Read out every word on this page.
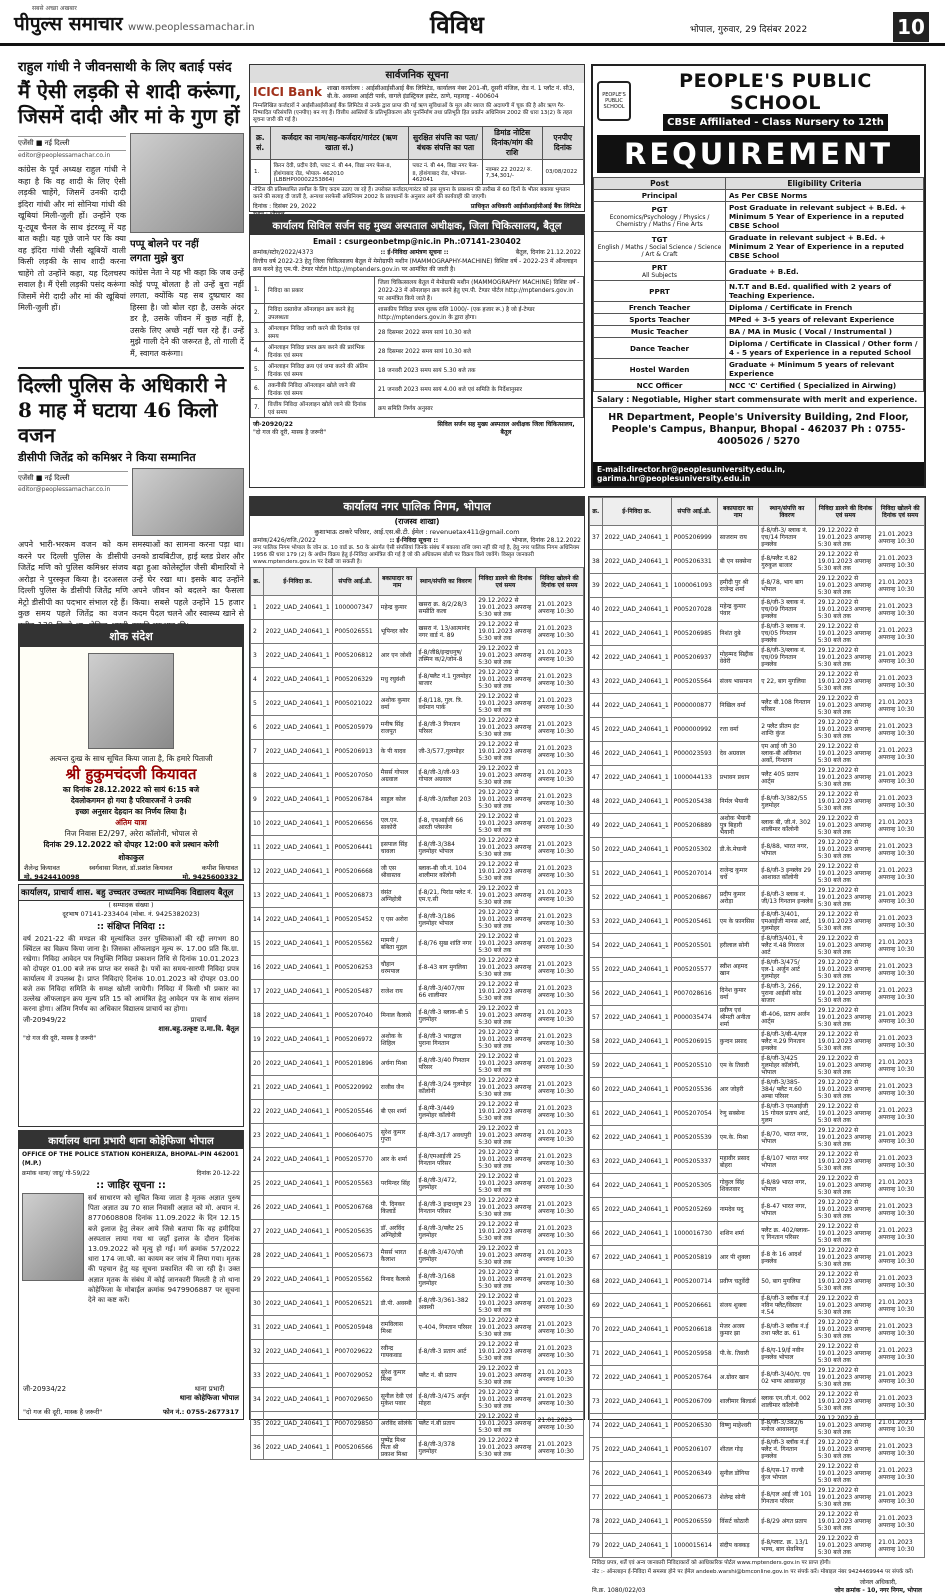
सबसे अच्छा अखबार
पीपुल्स समाचार www.peoplessamachar.in	विविध	भोपाल, गुरुवार, 29 दिसंबर 2022	10
राहुल गांधी ने जीवनसाथी के लिए बताई पसंद
मैं ऐसी लड़की से शादी करूंगा, जिसमें दादी और मां के गुण हों
एजेंसी ■ नई दिल्ली
editor@peoplessamachar.co.in
कांग्रेस के पूर्व अध्यक्ष राहुल गांधी ने कहा है कि वह शादी के लिए ऐसी लड़की चाहेंगे, जिसमें उनकी दादी इंदिरा गांधी और मां सोनिया गांधी की खूबियां मिली-जुली हों। उन्होंने एक यू-ट्यूब चैनल के साथ इंटरव्यू में यह बात कही। यह पूछे जाने पर कि क्या वह इंदिरा गांधी जैसी खूबियों वाली किसी लड़की के साथ शादी करना चाहेंगे तो उन्होंने कहा, यह दिलचस्प सवाल है। मैं ऐसी लड़की पसंद करूंगा जिसमें मेरी दादी और मां की खूबियां मिली-जुली हों।
पप्पू बोलने पर नहीं
लगता मुझे बुरा
कांग्रेस नेता ने यह भी कहा कि जब उन्हें कोई पप्पू बोलता है तो उन्हें बुरा नहीं लगता, क्योंकि यह सब दुष्प्रचार का हिस्सा है। जो बोल रहा है, उसके अंदर डर है, उसके जीवन में कुछ नहीं है, उसके लिए अच्छे नहीं चल रहे हैं। उन्हें मुझे गाली देने की जरूरत है, तो गाली दें मैं, स्वागत करूंगा।
दिल्ली पुलिस के अधिकारी ने 8 माह में घटाया 46 किलो वजन
डीसीपी जितेंद्र को कमिश्नर ने किया सम्मानित
एजेंसी ■ नई दिल्ली
editor@peoplessamachar.co.in
अपने भारी-भरकम वजन को कम करने पर दिल्ली पुलिस के डीसीपी जितेंद्र मणि को पुलिस कमिश्नर संजय अरोड़ा ने पुरस्कृत किया है। दरअसल दिल्ली पुलिस के डीसीपी जितेंद्र मणि मेट्रो डीसीपी का पदभार संभाल रहे हैं। कुछ समय पहले जितेंद्र का वजन
समस्याओं का सामना करना पड़ा था। उनको डायबिटीज, हाई ब्लड प्रेशर और बढ़ा हुआ कोलेस्ट्रॉल जैसी बीमारियों ने उन्हें घेर रखा था। इसके बाद उन्होंने अपने जीवन को बदलने का फैसला किया। सबसे पहले उन्होंने 15 हजार कदम पैदल चलने और स्वास्थ्य खाने से
शोक संदेश
अत्यन्त दुःख के साथ सूचित किया जाता है, कि हमारे पिताजी
श्री हुकुमचंदजी कियावत
का दिनांक 28.12.2022 को सायं 6:15 बजे
देवलोकगमन हो गया है परिवारजनों ने उनकी
इच्छा अनुसार देहदान का निर्णय लिया है।
अंतिम यात्रा
निज निवास E2/297, अरेरा कॉलोनी, भोपाल से
दिनांक 29.12.2022 को दोपहर 12:00 बजे प्रस्थान करेगी
शोकाकुल
शैलेन्द्र कियावत	स्वर्गवासा मितल, डॉ.प्रशांत कियावत	कपीश कियावत
मो. 9424410098	मो. 9425600332
कार्यालय, प्राचार्य शास. बहु उच्चतर उच्चतर माध्यमिक विद्यालय बैतूल
( सम्पादक संख्या )
दूरभाष 07141-233404 (मोबा. नं. 9425382023)
:: संक्षिप्त निविदा ::
वर्ष 2021-22 की मण्डल की मूल्यांकित उत्तर पुस्तिकाओं की रद्दी लगभग 80 क्विंटल का विक्रय किया जाना है। जिसका ऑफलाइन मूल्य रू. 17.00 प्रति कि.ग्रा. रखेगा। निविदा आवेदन पत्र नियुक्ति निविदा प्रकाशन तिथि से दिनांक 10.01.2023 को दोपहर 01.00 बजे तक प्राप्त कर सकते है। पत्रों का समय-सारणी निविदा प्रपत्र कार्यालय में उपलब्ध है। प्राप्त निविदाएं दिनांक 10.01.2023 को दोपहर 03.00 बजे तक निविदा समिति के समक्ष खोली जायेगी। निविदा में किसी भी प्रकार का उल्लेख ऑफलाइन क्रय मूल्य प्रति 15 को आमंत्रित हेतु आवेदन पत्र के साथ संलग्न करना होगा। अंतिम निर्णय का अधिकार विद्यालय प्राचार्य का होगा।
जी-20949/22	प्राचार्य
शास.बहु.उत्कृष्ट उ.मा.वि. बैतूल
"दो गज की दूरी, मास्क है जरूरी"
कार्यालय थाना प्रभारी थाना कोहेफिजा भोपाल
OFFICE OF THE POLICE STATION KOHERIZA, BHOPAL-PIN 462001 (M.P.)
क्रमांक थाना/ जादू/ गो-59/22	दिनांक 20-12-22
:: जाहिर सूचना ::
सर्व साधारण को सूचित किया जाता है मृतक अज्ञात पुरुष पिता अज्ञात उम्र 70 साल निवासी अज्ञात को मो. अयान नं. 8770608808 दिनांक 11.09.2022 के दिन 12.15 बजे इलाज हेतु लेकर आये जिसे बताया कि वह हमीदिया अस्पताल लाया गया था जहाँ इलाज के दौरान दिनांक 13.09.2022 को मृत्यु हो गई। मर्ग क्रमांक 57/2022 धारा 174 जा.फौ. का कायम कर जांच में लिया गया। मृतक की पहचान हेतु यह सूचना प्रकाशित की जा रही है। उक्त अज्ञात मृतक के संबंध में कोई जानकारी मिलती है तो थाना कोहेफिजा के मोबाईल क्रमांक 9479906887 पर सूचना देने का कष्ट करें।
जी-20934/22	थाना प्रभारी
थाना कोहेफिजा भोपाल
"दो गज की दूरी, मास्क है जरूरी"	फोन नं.: 0755-2677317
सार्वजनिक सूचना
ICICI Bank शाखा कार्यालय : आईसीआईसीआई बैंक लिमिटेड, कार्यालय नंबर 201-बी, दूसरी मंजिल, रोड नं. 1 प्लॉट नं. सी3, बी.के. अवस्था आईटी पार्क, वागले इंडस्ट्रियल इस्टेट, ठाणे, महाराष्ट्र - 400604
निम्नलिखित कर्जदारों ने आईसीआईसीआई बैंक लिमिटेड से उनके द्वारा प्राप्त की गई ऋण सुविधाओं के मूल और ब्याज की अदायगी में चूक की है और ऋण गैर-निष्पादित परिसंपत्ति (एनपीए) बन गए हैं। वित्तीय आस्तियों के प्रतिभूतिकरण और पुनर्निर्माण तथा प्रतिभूति हित प्रवर्तन अधिनियम 2002 की धारा 13(2) के तहत सूचना जारी की गई है।
क्र. सं.	कर्जदार का नाम/सह-कर्जदार/गारंटर (ऋण खाता सं.)	सुरक्षित संपत्ति का पता/बंधक संपत्ति का पता	डिमांड नोटिस दिनांक/मांग की राशि	एनपीए दिनांक
1.	किरन देवी, प्रदीप देवी, प्लाट नं. बी 44, विद्या नगर फेस-II, होशंगाबाद रोड, भोपाल- 462010 (LBBHP00002253864)	प्लाट नं. बी 44, विद्या नगर फेस-II, होशंगाबाद रोड, भोपाल- 462041	नवम्बर 22 2022/ रु. 7,34,301/-	03/08/2022
नोटिस की प्रतिस्थापित तामील के लिए कदम उठाए जा रहे हैं। उपरोक्त कर्जदार/गारंटर को इस सूचना के प्रकाशन की तारीख से 60 दिनों के भीतर बकाया भुगतान करने की सलाह दी जाती है, अन्यथा सरफेसी अधिनियम 2002 के प्रावधानों के अनुसार आगे की कार्यवाही की जाएगी।
दिनांक : दिसंबर 29, 2022	प्राधिकृत अधिकारी आईसीआईसीआई बैंक लिमिटेड
कार्यालय सिविल सर्जन सह मुख्य अस्पताल अधीक्षक, जिला चिकित्सालय, बैतूल
Email : csurgeonbetmp@nic.in Ph.:07141-230402
क्रमांक/स्टोर/2022/4373	:: ई-निविदा आमंत्रण सूचना ::	बैतूल, दिनांक 21.12.2022
वित्तीय वर्ष 2022-23 हेतु जिला चिकित्सालय बैतूल में मेमोग्राफी मशीन (MAMMOGRAPHY-MACHINE) विशिष्ट वर्ष - 2022-23 में ऑनलाइन क्रय करने हेतु एम.पी. टेण्डर पोर्टल http://mptenders.gov.in पर आमंत्रित की जाती है।
1.	निविदा का प्रकार	जिला चिकित्सालय बैतूल में मेमोग्राफी मशीन (MAMMOGRAPHY MACHINE) विशिष्ट वर्ष - 2022-23 में ऑनलाइन क्रय करने हेतु एम.पी. टेण्डर पोर्टल http://mptenders.gov.in पर आमंत्रित किये जाते हैं।
2.	निविदा दस्तावेज ऑनलाइन क्रय करने हेतु उपलब्धता	शासकीय निविदा प्रपत्र शुल्क राशि 1000/- (एक हजार रू.) है जो ई-टेण्डर http://mptenders.gov.in के द्वारा होगा।
3.	ऑनलाइन निविदा जारी करने की दिनांक एवं समय	28 दिसम्बर 2022 समय सायं 10.30 बजे
4.	ऑनलाइन निविदा प्रपत्र क्रय करने की प्रारंभिक दिनांक एवं समय	28 दिसम्बर 2022 समय सायं 10.30 बजे
5.	ऑनलाइन निविदा क्रय एवं जमा करने की अंतिम दिनांक एवं समय	18 जनवरी 2023 समय सायं 5.30 बजे तक
6.	तकनीकी निविदा ऑनलाइन खोले जाने की दिनांक एवं समय	21 जनवरी 2023 समय सायं 4.00 बजे एवं समिति के निर्देशानुसार
7.	वित्तीय निविदा ऑनलाइन खोले जाने की दिनांक एवं समय	क्रय समिति निर्णय अनुसार
जी-20920/22
"दो गज की दूरी, मास्क है जरूरी"
सिविल सर्जन सह मुख्य अस्पताल अधीक्षक जिला चिकित्सालय, बैतूल
PEOPLE'S PUBLIC SCHOOL
PEOPLE'S PUBLIC SCHOOL
CBSE Affiliated - Class Nursery to 12th
REQUIREMENT
Post	Eligibility Criteria

Principal	As Per CBSE Norms

PGT
Economics/Psychology / Physics / Chemistry / Maths / Fine Arts	Post Graduate in relevant subject + B.Ed. + Minimum 5 Year of Experience in a reputed CBSE School

TGT
English / Maths / Social Science / Science / Art & Craft	Graduate in relevant subject + B.Ed. + Minimum 2 Year of Experience in a reputed CBSE School

PRT
All Subjects	Graduate + B.Ed.

PPRT	N.T.T and B.Ed. qualified with 2 years of Teaching Experience.

French Teacher	Diploma / Certificate in French

Sports Teacher	MPed + 3-5 years of relevant Experience

Music Teacher	BA / MA in Music ( Vocal / Instrumental )

Dance Teacher	Diploma / Certificate in Classical / Other form / 4 - 5 years of Experience in a reputed School

Hostel Warden	Graduate + Minimum 5 years of relevant Experience

NCC Officer	NCC 'C' Certified ( Specialized in Airwing)
Salary : Negotiable, Higher start commensurate with merit and experience.
HR Department, People's University Building, 2nd Floor, People's Campus, Bhanpur, Bhopal - 462037 Ph : 0755-4005026 / 5270
E-mail:director.hr@peoplesuniversity.edu.in, garima.hr@peoplesuniversity.edu.in
कार्यालय नगर पालिक निगम, भोपाल
(राजस्व शाखा)
कुशाभाऊ ठाकरे परिसर, आई.एस.बी.टी. ईमेल : revenuetax411@gmail.com
क्रमांक/2426/राजि./2022	:: ई-निविदा सूचना ::	भोपाल, दिनांक 28.12.2022
नगर पालिक निगम भोपाल के जोन क्र. 10 वार्ड क्र. 50 के अंतर्गत ऐसी संपत्तियां जिनके संबंध में बकाया राशि जमा नहीं की गई है, हेतु नगर पालिक निगम अधिनियम 1956 की धारा 179 (2) के अधीन विक्रय हेतु ई-निविदा आमंत्रित की गई है जो की अधिकतम बोली पर विक्रय किये जावेंगे। विस्तृत जानकारी www.mptenders.gov.in पर देखी जा सकती है।
क्र.	ई-निविदा क्र.	संपत्ति आई.डी.	बकायादार का नाम	स्थान/संपत्ति का विवरण	निविदा डालने की दिनांक एवं समय	निविदा खोलने की दिनांक एवं समय
1	2022_UAD_240641_1	1000007347	महेन्द्र कुमार	खसरा क्र. 8/2/28/3 सम्प्रीति कला	29.12.2022 से 19.01.2023 अपरान्ह 5:30 बजे तक	21.01.2023 अपरान्ह 10:30
2	2022_UAD_240641_1	P005026551	भूपिन्दर कौर	खसरा नं. 13/आत्मानंद नगर वार्ड नं. 89	29.12.2022 से 19.01.2023 अपरान्ह 5:30 बजे तक	21.01.2023 अपरान्ह 10:30
3	2022_UAD_240641_1	P005206812	आर एन जोशी	ई-8/जी8/इन्द्रधनुष/तस्मिन क/2/जोन-8	29.12.2022 से 19.01.2023 अपरान्ह 5:30 बजे तक	21.01.2023 अपरान्ह 10:30
4	2022_UAD_240641_1	P005206329	मधु रघुवंशी	ई-8/फ्लैट नं.1 गुलमोहर बाजार	29.12.2022 से 19.01.2023 अपरान्ह 5:30 बजे तक	21.01.2023 अपरान्ह 10:30
5	2022_UAD_240641_1	P005021022	अशोक कुमार वर्मा	ई-8/118, गुल. त्रि. वर्धमान पार्क	29.12.2022 से 19.01.2023 अपरान्ह 5:30 बजे तक	21.01.2023 अपरान्ह 10:30
6	2022_UAD_240641_1	P005205979	मनीष सिंह राजपूत	ई-8/जी-3 गिनतान परिसर	29.12.2022 से 19.01.2023 अपरान्ह 5:30 बजे तक	21.01.2023 अपरान्ह 10:30
7	2022_UAD_240641_1	P005206913	के पी यादव	जी-3/577,गुलमोहर	29.12.2022 से 19.01.2023 अपरान्ह 5:30 बजे तक	21.01.2023 अपरान्ह 10:30
8	2022_UAD_240641_1	P005207050	मैसर्स गोपाल अग्रवाल	ई-8/जी-3/जी-93 गोपाल अग्रवाल	29.12.2022 से 19.01.2023 अपरान्ह 5:30 बजे तक	21.01.2023 अपरान्ह 10:30
9	2022_UAD_240641_1	P005206784	साहुल कोल	ई-8/जी-3/प्रतीक्षा 203	29.12.2022 से 19.01.2023 अपरान्ह 5:30 बजे तक	21.01.2023 अपरान्ह 10:30
10	2022_UAD_240641_1	P005206656	एल.एन. साकोरी	ई-8, एचआईजी 66 आरती प्लेसजेन	29.12.2022 से 19.01.2023 अपरान्ह 5:30 बजे तक	21.01.2023 अपरान्ह 10:30
11	2022_UAD_240641_1	P005206441	इसपाल सिंह चावला	ई-8/जी-3/384 गुलमोहर भोपाल	29.12.2022 से 19.01.2023 अपरान्ह 5:30 बजे तक	21.01.2023 अपरान्ह 10:30
12	2022_UAD_240641_1	P005206668	जी एस श्रीवास्तव	ब्लाक-बी जी.नं. 104 शालीमार कॉलोनी	29.12.2022 से 19.01.2023 अपरान्ह 5:30 बजे तक	21.01.2023 अपरान्ह 10:30
13	2022_UAD_240641_1	P005206873	वंसंत अग्निहोत्री	ई-8/21, पिरांड फ्लेट नं. एम.ए.सी	29.12.2022 से 19.01.2023 अपरान्ह 5:30 बजे तक	21.01.2023 अपरान्ह 10:30
14	2022_UAD_240641_1	P005205452	ए एस अरोरा	ई-8/जी-3/186 गुलमोहर भोपाल	29.12.2022 से 19.01.2023 अपरान्ह 5:30 बजे तक	21.01.2023 अपरान्ह 10:30
15	2022_UAD_240641_1	P005205562	मामनी / बबिता मुद्गल	ई-8/76 सुख शांति नगर	29.12.2022 से 19.01.2023 अपरान्ह 5:30 बजे तक	21.01.2023 अपरान्ह 10:30
16	2022_UAD_240641_1	P005206253	चौहान धरमपाल	ई-8-43 बाग मुगलिया	29.12.2022 से 19.01.2023 अपरान्ह 5:30 बजे तक	21.01.2023 अपरान्ह 10:30
17	2022_UAD_240641_1	P005205487	राजेश राय	ई-8/जी-3/407/एस 66 शालीमार	29.12.2022 से 19.01.2023 अपरान्ह 5:30 बजे तक	21.01.2023 अपरान्ह 10:30
18	2022_UAD_240641_1	P005207040	मिनाल कैलासे	ई-8/जी-3 ब्लाक-बी 5 गुलमोहर	29.12.2022 से 19.01.2023 अपरान्ह 5:30 बजे तक	21.01.2023 अपरान्ह 10:30
19	2022_UAD_240641_1	P005206972	अशोक के शिहिल	ई-8/जी-3 भारद्वाज पुराना गिनतान	29.12.2022 से 19.01.2023 अपरान्ह 5:30 बजे तक	21.01.2023 अपरान्ह 10:30
20	2022_UAD_240641_1	P005201896	अर्चना मिश्रा	ई-8/जी-3/40 गिनतान परिसर	29.12.2022 से 19.01.2023 अपरान्ह 5:30 बजे तक	21.01.2023 अपरान्ह 10:30
21	2022_UAD_240641_1	P005220992	राजीव जैन	ई-8/जी-3/24 गुलमोहर कॉलोनी	29.12.2022 से 19.01.2023 अपरान्ह 5:30 बजे तक	21.01.2023 अपरान्ह 10:30
22	2022_UAD_240641_1	P005205546	बी एस शर्मा	ई-8/मी-3/449 गुलमोहर कॉलोनी	29.12.2022 से 19.01.2023 अपरान्ह 5:30 बजे तक	21.01.2023 अपरान्ह 10:30
23	2022_UAD_240641_1	P006064075	सुरेश कुमार गुप्ता	ई-8/मी-3/17 अवधपुरी	29.12.2022 से 19.01.2023 अपरान्ह 5:30 बजे तक	21.01.2023 अपरान्ह 10:30
24	2022_UAD_240641_1	P005205770	आर के शर्मा	ई-8/एमआईजी 25 गिनतान परिसर	29.12.2022 से 19.01.2023 अपरान्ह 5:30 बजे तक	21.01.2023 अपरान्ह 10:30
25	2022_UAD_240641_1	P005205563	परमिन्दर सिंह	ई-8/जी-3/472, गुलमोहर	29.12.2022 से 19.01.2023 अपरान्ह 5:30 बजे तक	21.01.2023 अपरान्ह 10:30
26	2022_UAD_240641_1	P005206768	पी. दिनकर किलार्डे	ई-8/जी-3 इन्द्रधनुष 23 गिनतान परिसर	29.12.2022 से 19.01.2023 अपरान्ह 5:30 बजे तक	21.01.2023 अपरान्ह 10:30
27	2022_UAD_240641_1	P005205635	डॉ. अरविंद अग्निहोत्री	ई-8/जी-3/फ्लैट 25 गुलमोहर	29.12.2022 से 19.01.2023 अपरान्ह 5:30 बजे तक	21.01.2023 अपरान्ह 10:30
28	2022_UAD_240641_1	P005205673	मैसर्स भारत कैलाश	ई-8/जी-3/470/जी गुलमोहर	29.12.2022 से 19.01.2023 अपरान्ह 5:30 बजे तक	21.01.2023 अपरान्ह 10:30
29	2022_UAD_240641_1	P005205562	निनाद कैलासे	ई-8/जी-3/168 गुलमोहर	29.12.2022 से 19.01.2023 अपरान्ह 5:30 बजे तक	21.01.2023 अपरान्ह 10:30
30	2022_UAD_240641_1	P005206521	डी.पी. अवस्थी	ई-8/जी-3/361-382 अवस्थी	29.12.2022 से 19.01.2023 अपरान्ह 5:30 बजे तक	21.01.2023 अपरान्ह 10:30
31	2022_UAD_240641_1	P005205948	रामविलास मिश्रा	ए-404, गिनतान परिसर	29.12.2022 से 19.01.2023 अपरान्ह 5:30 बजे तक	21.01.2023 अपरान्ह 10:30
32	2022_UAD_240641_1	P007029622	रवीन्द्र गायकवाड	ई-8/जी-3 प्रताप आर्ट	29.12.2022 से 19.01.2023 अपरान्ह 5:30 बजे तक	21.01.2023 अपरान्ह 10:30
33	2022_UAD_240641_1	P007029052	सुरेश कुमार मिश्रा	फ्लैट नं. बी प्रताप	29.12.2022 से 19.01.2023 अपरान्ह 5:30 बजे तक	21.01.2023 अपरान्ह 10:30
34	2022_UAD_240641_1	P007029650	सुनील देवी एवं मुकेश पवार	ई-8/जी-3/475 अर्जुन मोहरा	29.12.2022 से 19.01.2023 अपरान्ह 5:30 बजे तक	21.01.2023 अपरान्ह 10:30
35	2022_UAD_240641_1	P007029850	अरविंद सोलंके	फ्लैट नं.बी प्रताप	29.12.2022 से 19.01.2023 अपरान्ह 5:30 बजे तक	21.01.2023 अपरान्ह 10:30
36	2022_UAD_240641_1	P005206566	पुष्पेंद्र मिश्रा पिता श्री प्रकाश मिश्रा	ई-8/जी-3/378 गुलमोहर	29.12.2022 से 19.01.2023 अपरान्ह 5:30 बजे तक	21.01.2023 अपरान्ह 10:30
क्र.	ई-निविदा क्र.	संपत्ति आई.डी.	बकायादार का नाम	स्थान/संपत्ति का विवरण	निविदा डालने की दिनांक एवं समय	निविदा खोलने की दिनांक एवं समय
37	2022_UAD_240641_1	P005206999	साजराम राय	ई-8/जी-3/ ब्लाक नं. एच/14 गिनतान इन्क्लेव	29.12.2022 से 19.01.2023 अपरान्ह 5:30 बजे तक	21.01.2023 अपरान्ह 10:30
38	2022_UAD_240641_1	P005206331	बी एन सक्सेना	ई-8/फ्लैट नं.82 गुरुकुल बाजार	29.12.2022 से 19.01.2023 अपरान्ह 5:30 बजे तक	21.01.2023 अपरान्ह 10:30
39	2022_UAD_240641_1	1000061093	हमीदी पुर श्री राजेन्द्र शर्मा	ई-8/78, भाग बाग भोपाल	29.12.2022 से 19.01.2023 अपरान्ह 5:30 बजे तक	21.01.2023 अपरान्ह 10:30
40	2022_UAD_240641_1	P005207028	महेन्द्र कुमार पंवार	ई-8/जी-3 ब्लाक नं. एच/09 गिनतान इन्क्लेव	29.12.2022 से 19.01.2023 अपरान्ह 5:30 बजे तक	21.01.2023 अपरान्ह 10:30
41	2022_UAD_240641_1	P005206985	निशंत दुबे	ई-8/जी-3 ब्लाक नं. एच/05 गिनतान इन्क्लेव	29.12.2022 से 19.01.2023 अपरान्ह 5:30 बजे तक	21.01.2023 अपरान्ह 10:30
42	2022_UAD_240641_1	P005206937	मोहम्मद सिद्दीक वेवेरी	ई-8/जी-3/ब्लाक नं. एच/09 गिनतान इन्क्लेव	29.12.2022 से 19.01.2023 अपरान्ह 5:30 बजे तक	21.01.2023 अपरान्ह 10:30
43	2022_UAD_240641_1	P005205564	संजय भासमान	ए 22, बाग मुगलिया	29.12.2022 से 19.01.2023 अपरान्ह 5:30 बजे तक	21.01.2023 अपरान्ह 10:30
44	2022_UAD_240641_1	P000000877	निखिल वर्मा	फ्लैट बी.108 गिनतान परिसर	29.12.2022 से 19.01.2023 अपरान्ह 5:30 बजे तक	21.01.2023 अपरान्ह 10:30
45	2022_UAD_240641_1	P000000992	रत्ता वर्मा	2 फ्लैट प्रीतम इंट शान्ति कुंज	29.12.2022 से 19.01.2023 अपरान्ह 5:30 बजे तक	21.01.2023 अपरान्ह 10:30
46	2022_UAD_240641_1	P000023593	देव अग्रवाल	एम आई जी 30 ब्लाक-बी अविनाश अर्को, गिनतान	29.12.2022 से 19.01.2023 अपरान्ह 5:30 बजे तक	21.01.2023 अपरान्ह 10:30
47	2022_UAD_240641_1	1000044133	प्रभावन प्रधान	फ्लैट 405 प्रताप आर्ट्स	29.12.2022 से 19.01.2023 अपरान्ह 5:30 बजे तक	21.01.2023 अपरान्ह 10:30
48	2022_UAD_240641_1	P005205438	निर्मल भैयानी	ई-8/जी-3/382/55 गुलमोहर	29.12.2022 से 19.01.2023 अपरान्ह 5:30 बजे तक	21.01.2023 अपरान्ह 10:30
49	2022_UAD_240641_1	P005206889	अशोक भैयानी पुत्र बिहारी भैयानी	ब्लाक बी, जी.नं. 302 शालीमार कॉलोनी	29.12.2022 से 19.01.2023 अपरान्ह 5:30 बजे तक	21.01.2023 अपरान्ह 10:30
50	2022_UAD_240641_1	P005205302	डी.के.मेघानी	ई-8/88, भारत नगर, भोपाल	29.12.2022 से 19.01.2023 अपरान्ह 5:30 बजे तक	21.01.2023 अपरान्ह 10:30
51	2022_UAD_240641_1	P005207014	राजेन्द्र कुमार चर्चे	ई-8/जी-3 इन्क्लेव 29 आशावत कॉलोनी	29.12.2022 से 19.01.2023 अपरान्ह 5:30 बजे तक	21.01.2023 अपरान्ह 10:30
52	2022_UAD_240641_1	P005206867	प्रदीप कुमार अरोड़ा	ई-8/जी-3 ब्लाक नं. जी/13 गिनतान इन्क्लेव	29.12.2022 से 19.01.2023 अपरान्ह 5:30 बजे तक	21.01.2023 अपरान्ह 10:30
53	2022_UAD_240641_1	P005205461	एम के फ़ानसिस	ई-8/जी-3/401, एमआईजी मानस आर्ट, गुलमोहर	29.12.2022 से 19.01.2023 अपरान्ह 5:30 बजे तक	21.01.2023 अपरान्ह 10:30
54	2022_UAD_240641_1	P005205501	हरीलाल सोनी	ई-8/जी3/401, पे फ्लैट नं.48 गिरराज आर्ट	29.12.2022 से 19.01.2023 अपरान्ह 5:30 बजे तक	21.01.2023 अपरान्ह 10:30
55	2022_UAD_240641_1	P005205577	स्वीश अहमद खान	ई-8/जी-3/475/एल-1 अर्जुन आर्ट गुलमोहर	29.12.2022 से 19.01.2023 अपरान्ह 5:30 बजे तक	21.01.2023 अपरान्ह 10:30
56	2022_UAD_240641_1	P007028616	दिनेश कुमार वर्मा	ई-8/जी-3, 266, पुराना आईसी कोड बाजार	29.12.2022 से 19.01.2023 अपरान्ह 5:30 बजे तक	21.01.2023 अपरान्ह 10:30
57	2022_UAD_240641_1	P000035474	प्रवीण एवं श्रीमती अनीता शर्मा	बी-406, प्रताप अर्जन आर्ट्स	29.12.2022 से 19.01.2023 अपरान्ह 5:30 बजे तक	21.01.2023 अपरान्ह 10:30
58	2022_UAD_240641_1	P005206915	कुन्दन प्रसाद	ई-8/जी-3/बी-4/एल फ्लैट न.29 गिनतान इन्क्लेव	29.12.2022 से 19.01.2023 अपरान्ह 5:30 बजे तक	21.01.2023 अपरान्ह 10:30
59	2022_UAD_240641_1	P005205510	एम के तिवारी	ई-8/जी-3/425 गुलमोहर कॉलोनी, भोपाल	29.12.2022 से 19.01.2023 अपरान्ह 5:30 बजे तक	21.01.2023 अपरान्ह 10:30
60	2022_UAD_240641_1	P005205536	आर जोहरी	ई-8/जी-3/385-384/ फ्लैट न.60 अम्बा परिसर	29.12.2022 से 19.01.2023 अपरान्ह 5:30 बजे तक	21.01.2023 अपरान्ह 10:30
61	2022_UAD_240641_1	P005207054	रेणु सक्सेना	ई-8/जी-3 एमआईजी 15 गोयल प्रताप आर्ट, गुलम	29.12.2022 से 19.01.2023 अपरान्ह 5:30 बजे तक	21.01.2023 अपरान्ह 10:30
62	2022_UAD_240641_1	P005205539	एम.के. मिश्रा	ई-8/70, भारत नगर, भोपाल	29.12.2022 से 19.01.2023 अपरान्ह 5:30 बजे तक	21.01.2023 अपरान्ह 10:30
63	2022_UAD_240641_1	P005205337	महावीर प्रसाद बोहरा	ई-8/107 भारत नगर भोपाल	29.12.2022 से 19.01.2023 अपरान्ह 5:30 बजे तक	21.01.2023 अपरान्ह 10:30
64	2022_UAD_240641_1	P005205305	गोकुल सिंह शिकरवार	ई-8/89 भारत नगर, भोपाल	29.12.2022 से 19.01.2023 अपरान्ह 5:30 बजे तक	21.01.2023 अपरान्ह 10:30
65	2022_UAD_240641_1	P005205269	नामदेव यदु	ई-8-47 भारत नगर, भोपाल	29.12.2022 से 19.01.2023 अपरान्ह 5:30 बजे तक	21.01.2023 अपरान्ह 10:30
66	2022_UAD_240641_1	1000016730	शशिन शर्मा	फ्लैट क्र. 402/ब्लाक-ए गिनतान परिसर	29.12.2022 से 19.01.2023 अपरान्ह 5:30 बजे तक	21.01.2023 अपरान्ह 10:30
67	2022_UAD_240641_1	P005205819	आर पी शुक्ला	ई-8 के 16 आदर्श इन्क्लेव	29.12.2022 से 19.01.2023 अपरान्ह 5:30 बजे तक	21.01.2023 अपरान्ह 10:30
68	2022_UAD_240641_1	P005200714	प्रवीण चतुर्वेदी	50, बाग मुगलिया	29.12.2022 से 19.01.2023 अपरान्ह 5:30 बजे तक	21.01.2023 अपरान्ह 10:30
69	2022_UAD_240641_1	P005206661	संजय शुक्ला	ई-8/जी-3 ब्लॉक नं.ई नविन फ्लैट/विस्तार नं.54	29.12.2022 से 19.01.2023 अपरान्ह 5:30 बजे तक	21.01.2023 अपरान्ह 10:30
70	2022_UAD_240641_1	P005206618	मेजर अजय कुमार झा	ई-8/जी-3 ब्लॉक नं.ई तथा फ्लैट क्र. 61	29.12.2022 से 19.01.2023 अपरान्ह 5:30 बजे तक	21.01.2023 अपरान्ह 10:30
71	2022_UAD_240641_1	P005205958	पी.के. तिवारी	ई-8/ए-19/ई नवीन इन्क्लेव भोपाल	29.12.2022 से 19.01.2023 अपरान्ह 5:30 बजे तक	21.01.2023 अपरान्ह 10:30
72	2022_UAD_240641_1	P005205764	अ.ग्रोवर खान	ई-8/जी-3/40/ए. एच 02 भाग्य आवासगृह	29.12.2022 से 19.01.2023 अपरान्ह 5:30 बजे तक	21.01.2023 अपरान्ह 10:30
73	2022_UAD_240641_1	P005206709	शालीमार बिल्डर्स	ब्लाक एन.जी.नं. 002 शालीमार कॉलोनी	29.12.2022 से 19.01.2023 अपरान्ह 5:30 बजे तक	21.01.2023 अपरान्ह 10:30
74	2022_UAD_240641_1	P005206530	विष्णु माहेश्वरी	ई-8/जी-3/382/6 मनोज आवासगृह	29.12.2022 से 19.01.2023 अपरान्ह 5:30 बजे तक	21.01.2023 अपरान्ह 10:30
75	2022_UAD_240641_1	P005206107	शीतल गोड़	ई-8/जी-3 ब्लॉक नं.ई फ्लैट नं. गिनतान इन्क्लेव	29.12.2022 से 19.01.2023 अपरान्ह 5:30 बजे तक	21.01.2023 अपरान्ह 10:30
76	2022_UAD_240641_1	P005206349	सुनील डोंगिया	ई-8/एस-17 राज्यी कुंज भोपाल	29.12.2022 से 19.01.2023 अपरान्ह 5:30 बजे तक	21.01.2023 अपरान्ह 10:30
77	2022_UAD_240641_1	P005206673	शेलेन्द्र सोनी	ई-8/एल आई जी 101 गिनतान परिसर	29.12.2022 से 19.01.2023 अपरान्ह 5:30 बजे तक	21.01.2023 अपरान्ह 10:30
78	2022_UAD_240641_1	P005206559	विंसर्ट कोठारी	ई-8/29 अंगत प्रताप	29.12.2022 से 19.01.2023 अपरान्ह 5:30 बजे तक	21.01.2023 अपरान्ह 10:30
79	2022_UAD_240641_1	1000015614	संदीप कक्कड़	ई-8/प्लाट. क्र. 13/1 भाग्य, बाग सेवनिया	29.12.2022 से 19.01.2023 अपरान्ह 5:30 बजे तक	21.01.2023 अपरान्ह 10:30
निविदा प्रपत्र, शर्तें एवं अन्य जानकारी निविदाकारों को आधिकारिक पोर्टल www.mptenders.gov.in पर प्राप्त होगी।
नोट :- ऑनलाइन ई-निविदा में समस्या होने पर ईमेल andeeb.warshi@bmconline.gov.in पर संपर्क करें। मोबाइल नंबर 9424469944 पर संपर्क करें।
नि.क्र. 1080/022/03
जोनल अधिकारी,
जोन क्रमांक - 10, नगर निगम, भोपाल
